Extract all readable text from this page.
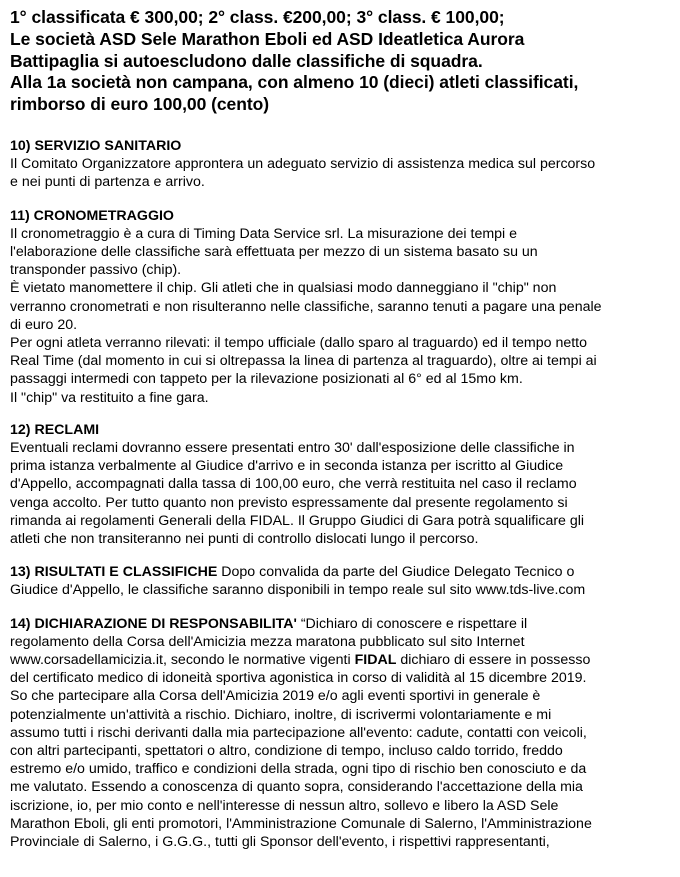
1° classificata € 300,00; 2° class. €200,00; 3° class. € 100,00;
Le società ASD Sele Marathon Eboli ed ASD Ideatletica Aurora
Battipaglia si autoescludono dalle classifiche di squadra.
Alla 1a società non campana, con almeno 10 (dieci) atleti classificati,
rimborso di euro 100,00 (cento)
10) SERVIZIO SANITARIO
Il Comitato Organizzatore approntera un adeguato servizio di assistenza medica sul percorso
e nei punti di partenza e arrivo.
11) CRONOMETRAGGIO
Il cronometraggio è a cura di Timing Data Service srl. La misurazione dei tempi e
l'elaborazione delle classifiche sarà effettuata per mezzo di un sistema basato su un
transponder passivo (chip).
È vietato manomettere il chip. Gli atleti che in qualsiasi modo danneggiano il "chip" non
verranno cronometrati e non risulteranno nelle classifiche, saranno tenuti a pagare una penale
di euro 20.
Per ogni atleta verranno rilevati: il tempo ufficiale (dallo sparo al traguardo) ed il tempo netto
Real Time (dal momento in cui si oltrepassa la linea di partenza al traguardo), oltre ai tempi ai
passaggi intermedi con tappeto per la rilevazione posizionati al 6° ed al 15mo km.
Il "chip" va restituito a fine gara.
12) RECLAMI
Eventuali reclami dovranno essere presentati entro 30' dall'esposizione delle classifiche in
prima istanza verbalmente al Giudice d'arrivo e in seconda istanza per iscritto al Giudice
d'Appello, accompagnati dalla tassa di 100,00 euro, che verrà restituita nel caso il reclamo
venga accolto. Per tutto quanto non previsto espressamente dal presente regolamento si
rimanda ai regolamenti Generali della FIDAL. Il Gruppo Giudici di Gara potrà squalificare gli
atleti che non transiteranno nei punti di controllo dislocati lungo il percorso.
13) RISULTATI E CLASSIFICHE Dopo convalida da parte del Giudice Delegato Tecnico o
Giudice d'Appello, le classifiche saranno disponibili in tempo reale sul sito www.tds-live.com
14) DICHIARAZIONE DI RESPONSABILITA' “Dichiaro di conoscere e rispettare il
regolamento della Corsa dell'Amicizia mezza maratona pubblicato sul sito Internet
www.corsadellamicizia.it, secondo le normative vigenti FIDAL dichiaro di essere in possesso
del certificato medico di idoneità sportiva agonistica in corso di validità al 15 dicembre 2019.
So che partecipare alla Corsa dell'Amicizia 2019 e/o agli eventi sportivi in generale è
potenzialmente un'attività a rischio. Dichiaro, inoltre, di iscrivermi volontariamente e mi
assumo tutti i rischi derivanti dalla mia partecipazione all'evento: cadute, contatti con veicoli,
con altri partecipanti, spettatori o altro, condizione di tempo, incluso caldo torrido, freddo
estremo e/o umido, traffico e condizioni della strada, ogni tipo di rischio ben conosciuto e da
me valutato. Essendo a conoscenza di quanto sopra, considerando l'accettazione della mia
iscrizione, io, per mio conto e nell'interesse di nessun altro, sollevo e libero la ASD Sele
Marathon Eboli, gli enti promotori, l'Amministrazione Comunale di Salerno, l'Amministrazione
Provinciale di Salerno, i G.G.G., tutti gli Sponsor dell'evento, i rispettivi rappresentanti,
